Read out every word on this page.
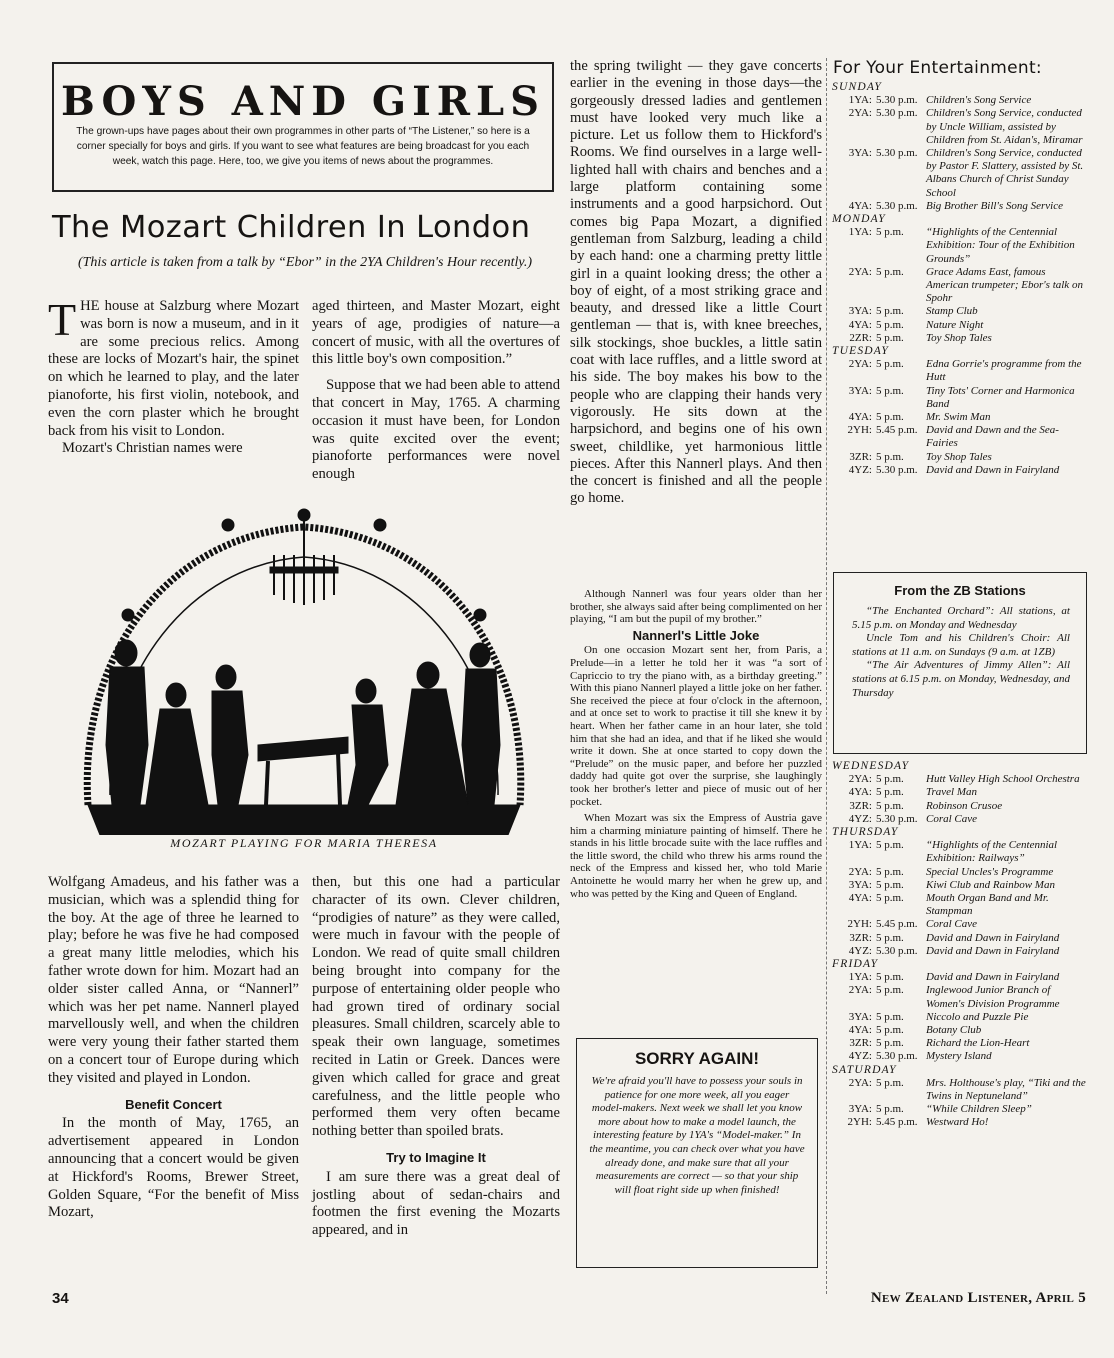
BOYS AND GIRLS
The grown-ups have pages about their own programmes in other parts of “The Listener,” so here is a corner specially for boys and girls. If you want to see what features are being broadcast for you each week, watch this page. Here, too, we give you items of news about the programmes.
The Mozart Children In London
(This article is taken from a talk by “Ebor” in the 2YA Children's Hour recently.)

THE house at Salzburg where Mozart was born is now a museum, and in it are some precious relics. Among these are locks of Mozart's hair, the spinet on which he learned to play, and the later pianoforte, his first violin, notebook, and even the corn plaster which he brought back from his visit to London.

Mozart's Christian names were

aged thirteen, and Master Mozart, eight years of age, prodigies of nature—a concert of music, with all the overtures of this little boy's own composition.”

Suppose that we had been able to attend that concert in May, 1765. A charming occasion it must have been, for London was quite excited over the event; pianoforte performances were novel enough

MOZART PLAYING FOR MARIA THERESA

Wolfgang Amadeus, and his father was a musician, which was a splendid thing for the boy. At the age of three he learned to play; before he was five he had composed a great many little melodies, which his father wrote down for him. Mozart had an older sister called Anna, or “Nannerl” which was her pet name. Nannerl played marvellously well, and when the children were very young their father started them on a concert tour of Europe during which they visited and played in London.

Benefit Concert

In the month of May, 1765, an advertisement appeared in London announcing that a concert would be given at Hickford's Rooms, Brewer Street, Golden Square, “For the benefit of Miss Mozart,

then, but this one had a particular character of its own. Clever children, “prodigies of nature” as they were called, were much in favour with the people of London. We read of quite small children being brought into company for the purpose of entertaining older people who had grown tired of ordinary social pleasures. Small children, scarcely able to speak their own language, sometimes recited in Latin or Greek. Dances were given which called for grace and great carefulness, and the little people who performed them very often became nothing better than spoiled brats.

Try to Imagine It

I am sure there was a great deal of jostling about of sedan-chairs and footmen the first evening the Mozarts appeared, and in

the spring twilight — they gave concerts earlier in the evening in those days—the gorgeously dressed ladies and gentlemen must have looked very much like a picture. Let us follow them to Hickford's Rooms. We find ourselves in a large well-lighted hall with chairs and benches and a large platform containing some instruments and a good harpsichord. Out comes big Papa Mozart, a dignified gentleman from Salzburg, leading a child by each hand: one a charming pretty little girl in a quaint looking dress; the other a boy of eight, of a most striking grace and beauty, and dressed like a little Court gentleman — that is, with knee breeches, silk stockings, shoe buckles, a little satin coat with lace ruffles, and a little sword at his side. The boy makes his bow to the people who are clapping their hands very vigorously. He sits down at the harpsichord, and begins one of his own sweet, childlike, yet harmonious little pieces. After this Nannerl plays. And then the concert is finished and all the people go home.

Although Nannerl was four years older than her brother, she always said after being complimented on her playing, “I am but the pupil of my brother.”

Nannerl's Little Joke

On one occasion Mozart sent her, from Paris, a Prelude—in a letter he told her it was “a sort of Capriccio to try the piano with, as a birthday greeting.” With this piano Nannerl played a little joke on her father. She received the piece at four o'clock in the afternoon, and at once set to work to practise it till she knew it by heart. When her father came in an hour later, she told him that she had an idea, and that if he liked she would write it down. She at once started to copy down the “Prelude” on the music paper, and before her puzzled daddy had quite got over the surprise, she laughingly took her brother's letter and piece of music out of her pocket.

When Mozart was six the Empress of Austria gave him a charming miniature painting of himself. There he stands in his little brocade suite with the lace ruffles and the little sword, the child who threw his arms round the neck of the Empress and kissed her, who told Marie Antoinette he would marry her when he grew up, and who was petted by the King and Queen of England.

SORRY AGAIN!
We're afraid you'll have to possess your souls in patience for one more week, all you eager model-makers. Next week we shall let you know more about how to make a model launch, the interesting feature by 1YA's “Model-maker.” In the meantime, you can check over what you have already done, and make sure that all your measurements are correct — so that your ship will float right side up when finished!
For Your Entertainment:
SUNDAY
1YA: 5.30 p.m. Children's Song Service
2YA: 5.30 p.m. Children's Song Service, conducted by Uncle William, assisted by Children from St. Aidan's, Miramar
3YA: 5.30 p.m. Children's Song Service, conducted by Pastor F. Slattery, assisted by St. Albans Church of Christ Sunday School
4YA: 5.30 p.m. Big Brother Bill's Song Service
MONDAY
1YA: 5 p.m.	“Highlights of the Centennial Exhibition: Tour of the Exhibition Grounds”
2YA: 5 p.m.	Grace Adams East, famous American trumpeter; Ebor's talk on Spohr
3YA: 5 p.m.	Stamp Club
4YA: 5 p.m.	Nature Night
2ZR: 5 p.m.	Toy Shop Tales
TUESDAY
2YA: 5 p.m.	Edna Gorrie's programme from the Hutt
3YA: 5 p.m.	Tiny Tots' Corner and Harmonica Band
4YA: 5 p.m.	Mr. Swim Man
2YH: 5.45 p.m. David and Dawn and the Sea-Fairies
3ZR: 5 p.m.	Toy Shop Tales
4YZ: 5.30 p.m. David and Dawn in Fairyland
From the ZB Stations

“The Enchanted Orchard”: All stations, at 5.15 p.m. on Monday and Wednesday

Uncle Tom and his Children's Choir: All stations at 11 a.m. on Sundays (9 a.m. at 1ZB)

“The Air Adventures of Jimmy Allen”: All stations at 6.15 p.m. on Monday, Wednesday, and Thursday

WEDNESDAY
2YA: 5 p.m.	Hutt Valley High School Orchestra
4YA: 5 p.m.	Travel Man
3ZR: 5 p.m.	Robinson Crusoe
4YZ: 5.30 p.m. Coral Cave
THURSDAY
1YA: 5 p.m.	“Highlights of the Centennial Exhibition: Railways”
2YA: 5 p.m.	Special Uncles's Programme
3YA: 5 p.m.	Kiwi Club and Rainbow Man
4YA: 5 p.m.	Mouth Organ Band and Mr. Stampman
2YH: 5.45 p.m. Coral Cave
3ZR: 5 p.m.	David and Dawn in Fairyland
4YZ: 5.30 p.m. David and Dawn in Fairyland
FRIDAY
1YA: 5 p.m.	David and Dawn in Fairyland
2YA: 5 p.m.	Inglewood Junior Branch of Women's Division Programme
3YA: 5 p.m.	Niccolo and Puzzle Pie
4YA: 5 p.m.	Botany Club
3ZR: 5 p.m.	Richard the Lion-Heart
4YZ: 5.30 p.m. Mystery Island
SATURDAY
2YA: 5 p.m.	Mrs. Holthouse's play, “Tiki and the Twins in Neptuneland”
3YA: 5 p.m.	“While Children Sleep”
2YH: 5.45 p.m. Westward Ho!
34	New Zealand Listener, April 5
